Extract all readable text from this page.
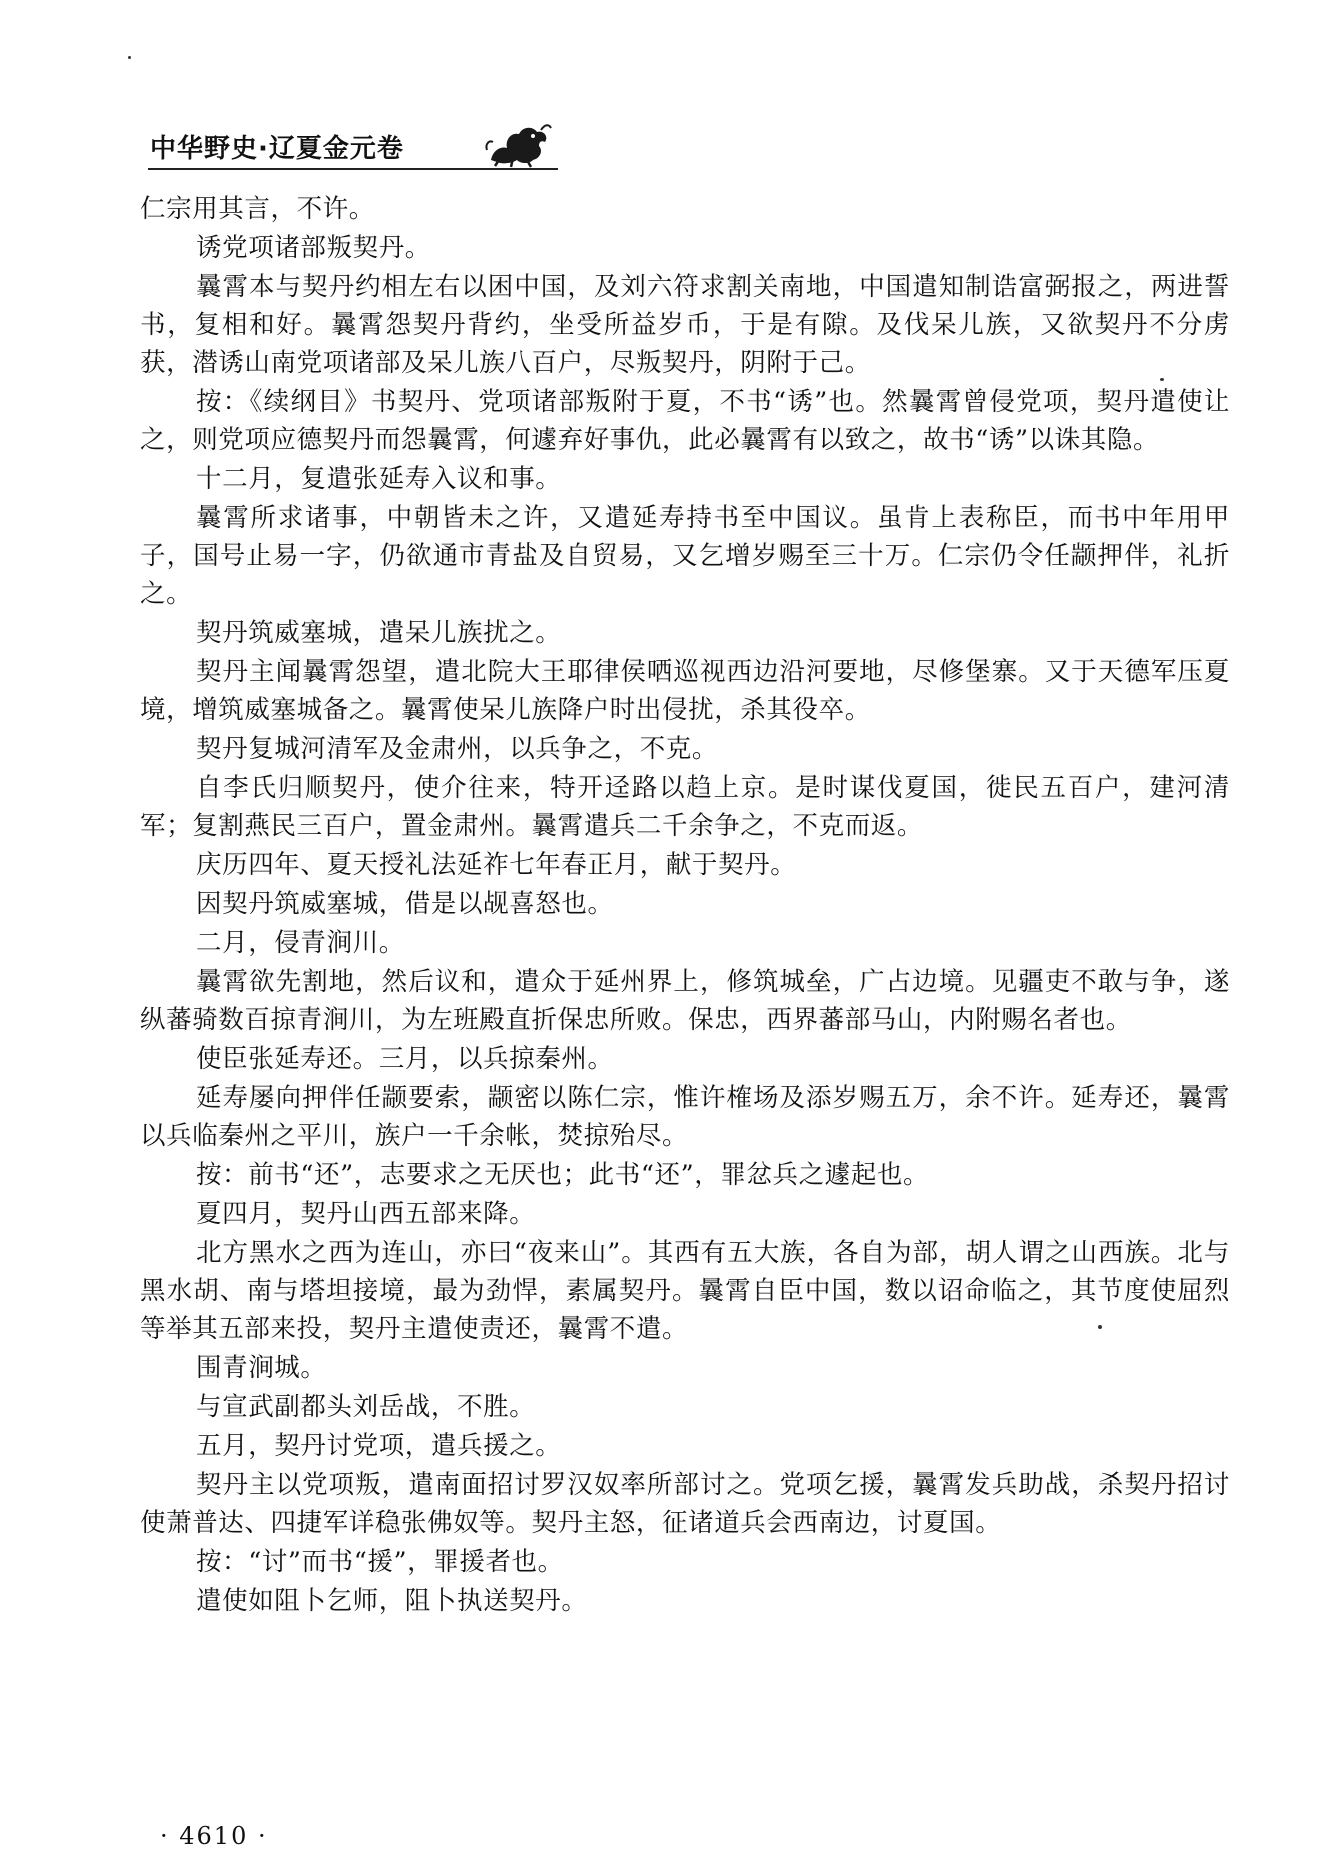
中华野史·辽夏金元卷

仁宗用其言，不许。

诱党项诸部叛契丹。

曩霄本与契丹约相左右以困中国，及刘六符求割关南地，中国遣知制诰富弼报之，两进誓书，复相和好。曩霄怨契丹背约，坐受所益岁币，于是有隙。及伐呆儿族，又欲契丹不分虏获，潜诱山南党项诸部及呆儿族八百户，尽叛契丹，阴附于己。

按：《续纲目》书契丹、党项诸部叛附于夏，不书“诱”也。然曩霄曾侵党项，契丹遣使让之，则党项应德契丹而怨曩霄，何遽弃好事仇，此必曩霄有以致之，故书“诱”以诛其隐。

十二月，复遣张延寿入议和事。

曩霄所求诸事，中朝皆未之许，又遣延寿持书至中国议。虽肯上表称臣，而书中年用甲子，国号止易一字，仍欲通市青盐及自贸易，又乞增岁赐至三十万。仁宗仍令任颛押伴，礼折之。

契丹筑威塞城，遣呆儿族扰之。

契丹主闻曩霄怨望，遣北院大王耶律侯哂巡视西边沿河要地，尽修堡寨。又于天德军压夏境，增筑威塞城备之。曩霄使呆儿族降户时出侵扰，杀其役卒。

契丹复城河清军及金肃州，以兵争之，不克。

自李氏归顺契丹，使介往来，特开迳路以趋上京。是时谋伐夏国，徙民五百户，建河清军；复割燕民三百户，置金肃州。曩霄遣兵二千余争之，不克而返。

庆历四年、夏天授礼法延祚七年春正月，献于契丹。

因契丹筑威塞城，借是以觇喜怒也。

二月，侵青涧川。

曩霄欲先割地，然后议和，遣众于延州界上，修筑城垒，广占边境。见疆吏不敢与争，遂纵蕃骑数百掠青涧川，为左班殿直折保忠所败。保忠，西界蕃部马山，内附赐名者也。

使臣张延寿还。三月，以兵掠秦州。

延寿屡向押伴任颛要索，颛密以陈仁宗，惟许榷场及添岁赐五万，余不许。延寿还，曩霄以兵临秦州之平川，族户一千余帐，焚掠殆尽。

按：前书“还”，志要求之无厌也；此书“还”，罪忿兵之遽起也。

夏四月，契丹山西五部来降。

北方黑水之西为连山，亦曰“夜来山”。其西有五大族，各自为部，胡人谓之山西族。北与黑水胡、南与塔坦接境，最为劲悍，素属契丹。曩霄自臣中国，数以诏命临之，其节度使屈烈等举其五部来投，契丹主遣使责还，曩霄不遣。

围青涧城。

与宣武副都头刘岳战，不胜。

五月，契丹讨党项，遣兵援之。

契丹主以党项叛，遣南面招讨罗汉奴率所部讨之。党项乞援，曩霄发兵助战，杀契丹招讨使萧普达、四捷军详稳张佛奴等。契丹主怒，征诸道兵会西南边，讨夏国。

按：“讨”而书“援”，罪援者也。

遣使如阻卜乞师，阻卜执送契丹。

· 4610 ·
